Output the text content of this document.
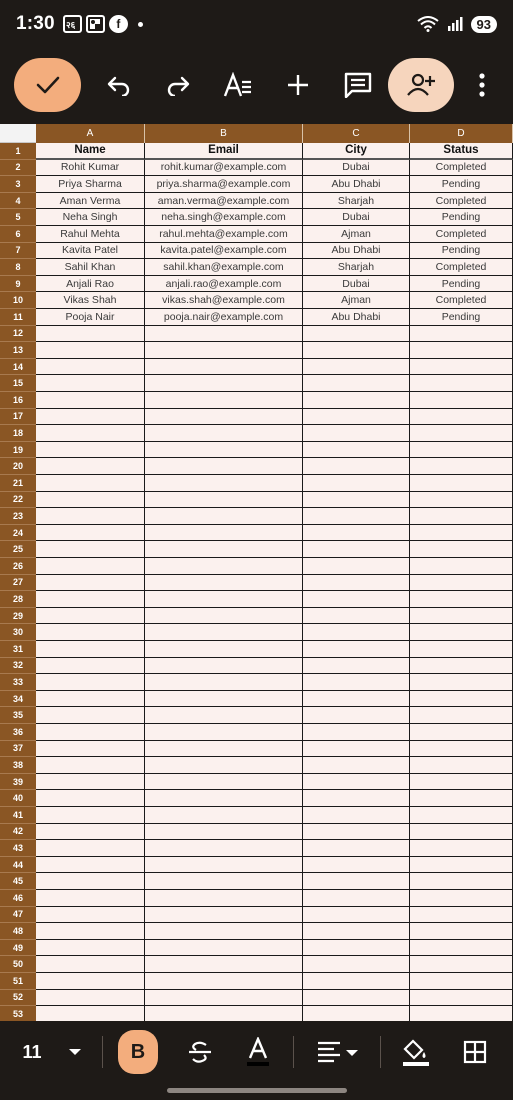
1:30 २६	f	93
A	B	C	D
1	Name	Email	City	Status
2	Rohit Kumar	rohit.kumar@example.com	Dubai	Completed
3	Priya Sharma	priya.sharma@example.com	Abu Dhabi	Pending
4	Aman Verma	aman.verma@example.com	Sharjah	Completed
5	Neha Singh	neha.singh@example.com	Dubai	Pending
6	Rahul Mehta	rahul.mehta@example.com	Ajman	Completed
7	Kavita Patel	kavita.patel@example.com	Abu Dhabi	Pending
8	Sahil Khan	sahil.khan@example.com	Sharjah	Completed
9	Anjali Rao	anjali.rao@example.com	Dubai	Pending
10	Vikas Shah	vikas.shah@example.com	Ajman	Completed
11	Pooja Nair	pooja.nair@example.com	Abu Dhabi	Pending
12
13
14
15
16
17
18
19
20
21
22
23
24
25
26
27
28
29
30
31
32
33
34
35
36
37
38
39
40
41
42
43
44
45
46
47
48
49
50
51
52
53
11	B
